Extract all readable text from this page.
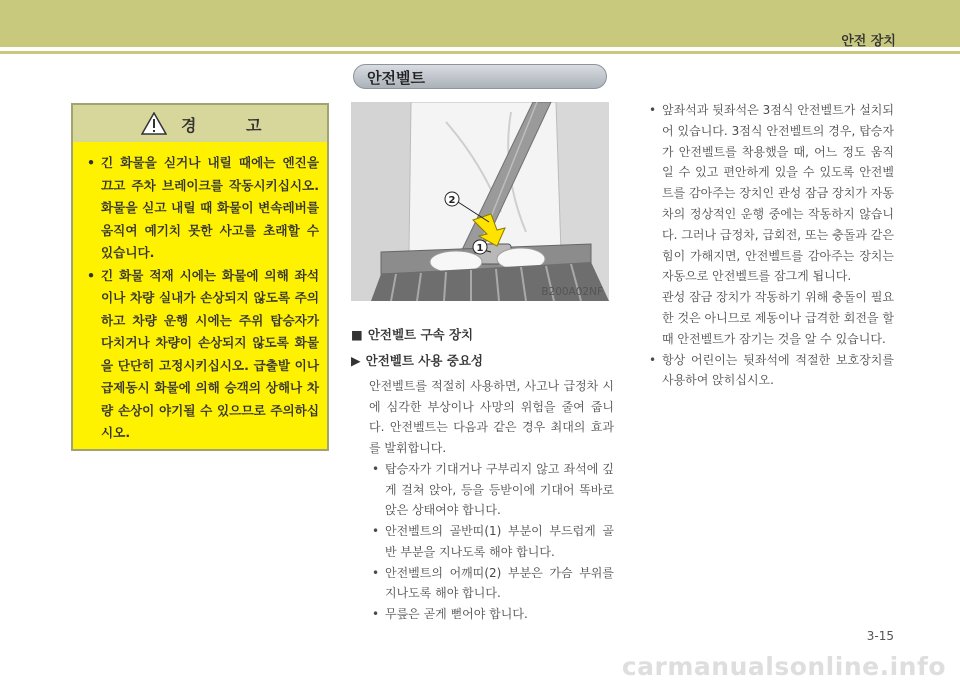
안전 장치
안전벨트
경 고
• 긴 화물을 싣거나 내릴 때에는 엔진을 끄고 주차 브레이크를 작동시키십시오. 화물을 싣고 내릴 때 화물이 변속레버를 움직여 예기치 못한 사고를 초래할 수 있습니다.
• 긴 화물 적재 시에는 화물에 의해 좌석이나 차량 실내가 손상되지 않도록 주의하고 차량 운행 시에는 주위 탑승자가 다치거나 차량이 손상되지 않도록 화물을 단단히 고정시키십시오. 급출발 이나 급제동시 화물에 의해 승객의 상해나 차량 손상이 야기될 수 있으므로 주의하십시오.
2
1
B200A02NF
■ 안전벨트 구속 장치
▶ 안전벨트 사용 중요성
안전벨트를 적절히 사용하면, 사고나 급정차 시에 심각한 부상이나 사망의 위험을 줄여 줍니다. 안전벨트는 다음과 같은 경우 최대의 효과를 발휘합니다.
• 탑승자가 기대거나 구부리지 않고 좌석에 깊게 걸쳐 앉아, 등을 등받이에 기대어 똑바로 앉은 상태여야 합니다.
• 안전벨트의 골반띠(1) 부분이 부드럽게 골반 부분을 지나도록 해야 합니다.
• 안전벨트의 어깨띠(2) 부분은 가슴 부위를 지나도록 해야 합니다.
• 무릎은 곧게 뻗어야 합니다.

• 앞좌석과 뒷좌석은 3점식 안전벨트가 설치되어 있습니다. 3점식 안전벨트의 경우, 탑승자가 안전벨트를 착용했을 때, 어느 정도 움직일 수 있고 편안하게 있을 수 있도록 안전벨트를 감아주는 장치인 관성 잠금 장치가 자동차의 정상적인 운행 중에는 작동하지 않습니다. 그러나 급정차, 급회전, 또는 충돌과 같은 힘이 가해지면, 안전벨트를 감아주는 장치는 자동으로 안전벨트를 잠그게 됩니다.

관성 잠금 장치가 작동하기 위해 충돌이 필요한 것은 아니므로 제동이나 급격한 회전을 할 때 안전벨트가 잠기는 것을 알 수 있습니다.

• 항상 어린이는 뒷좌석에 적절한 보호장치를 사용하여 앉히십시오.
3-15
carmanualsonline.info
